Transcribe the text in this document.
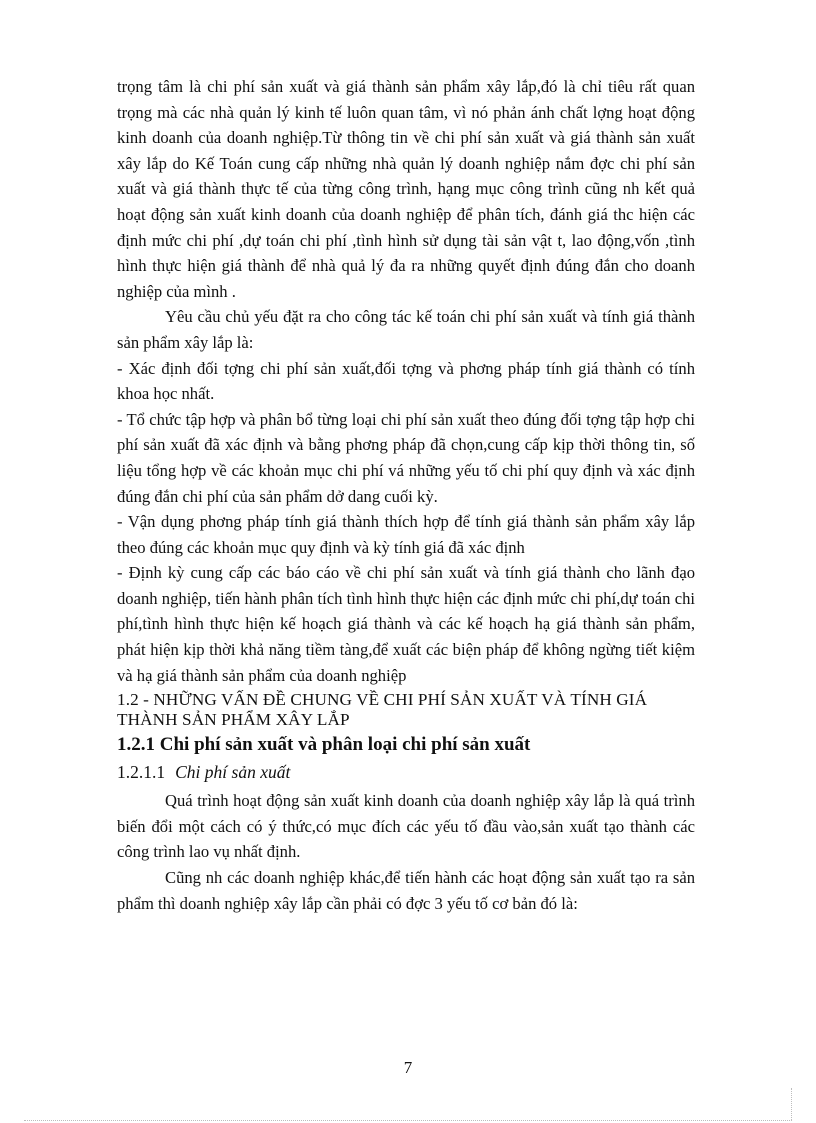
trọng tâm là chi phí sản xuất và giá thành sản phẩm xây lắp,đó là chỉ tiêu rất quan trọng mà các nhà quản lý kinh tế luôn quan tâm, vì nó phản ánh chất lợng hoạt động kinh doanh của doanh nghiệp.Từ thông tin về chi phí sản xuất và giá thành sản xuất xây lắp do Kế Toán cung cấp những nhà quản lý doanh nghiệp nắm đợc chi phí sản xuất và giá thành thực tế của từng công trình, hạng mục công trình cũng nh kết quả hoạt động sản xuất kinh doanh của doanh nghiệp để phân tích, đánh giá thc hiện các định mức chi phí ,dự toán chi phí ,tình hình sử dụng tài sản vật t, lao động,vốn ,tình hình thực hiện giá thành để nhà quả lý đa ra những quyết định đúng đắn cho doanh nghiệp của mình .

Yêu cầu chủ yếu đặt ra cho công tác kế toán chi phí sản xuất và tính giá thành sản phẩm xây lắp là:

- Xác định đối tợng chi phí sản xuất,đối tợng và phơng pháp tính giá thành có tính khoa học nhất.

- Tổ chức tập hợp và phân bổ từng loại chi phí sản xuất theo đúng đối tợng tập hợp chi phí sản xuất đã xác định và bằng phơng pháp đã chọn,cung cấp kịp thời thông tin, số liệu tổng hợp về các khoản mục chi phí vá những yếu tố chi phí quy định và xác định đúng đắn chi phí của sản phẩm dở dang cuối kỳ.

- Vận dụng phơng pháp tính giá thành thích hợp để tính giá thành sản phẩm xây lắp theo đúng các khoản mục quy định và kỳ tính giá đã xác định

- Định kỳ cung cấp các báo cáo về chi phí sản xuất và tính giá thành cho lãnh đạo doanh nghiệp, tiến hành phân tích tình hình thực hiện các định mức chi phí,dự toán chi phí,tình hình thực hiện kế hoạch giá thành và các kế hoạch hạ giá thành sản phẩm, phát hiện kịp thời khả năng tiềm tàng,để xuất các biện pháp để không ngừng tiết kiệm và hạ giá thành sản phẩm của doanh nghiệp

1.2 - NHỮNG VẤN ĐỀ CHUNG VỀ CHI PHÍ SẢN XUẤT VÀ TÍNH GIÁ THÀNH SẢN PHẨM XÂY LẮP

1.2.1 Chi phí sản xuất và phân loại chi phí sản xuất

1.2.1.1 Chi phí sản xuất

Quá trình hoạt động sản xuất kinh doanh của doanh nghiệp xây lắp là quá trình biến đổi một cách có ý thức,có mục đích các yếu tố đầu vào,sản xuất tạo thành các công trình lao vụ nhất định.

Cũng nh các doanh nghiệp khác,để tiến hành các hoạt động sản xuất tạo ra sản phẩm thì doanh nghiệp xây lắp cần phải có đợc 3 yếu tố cơ bản đó là:

7
